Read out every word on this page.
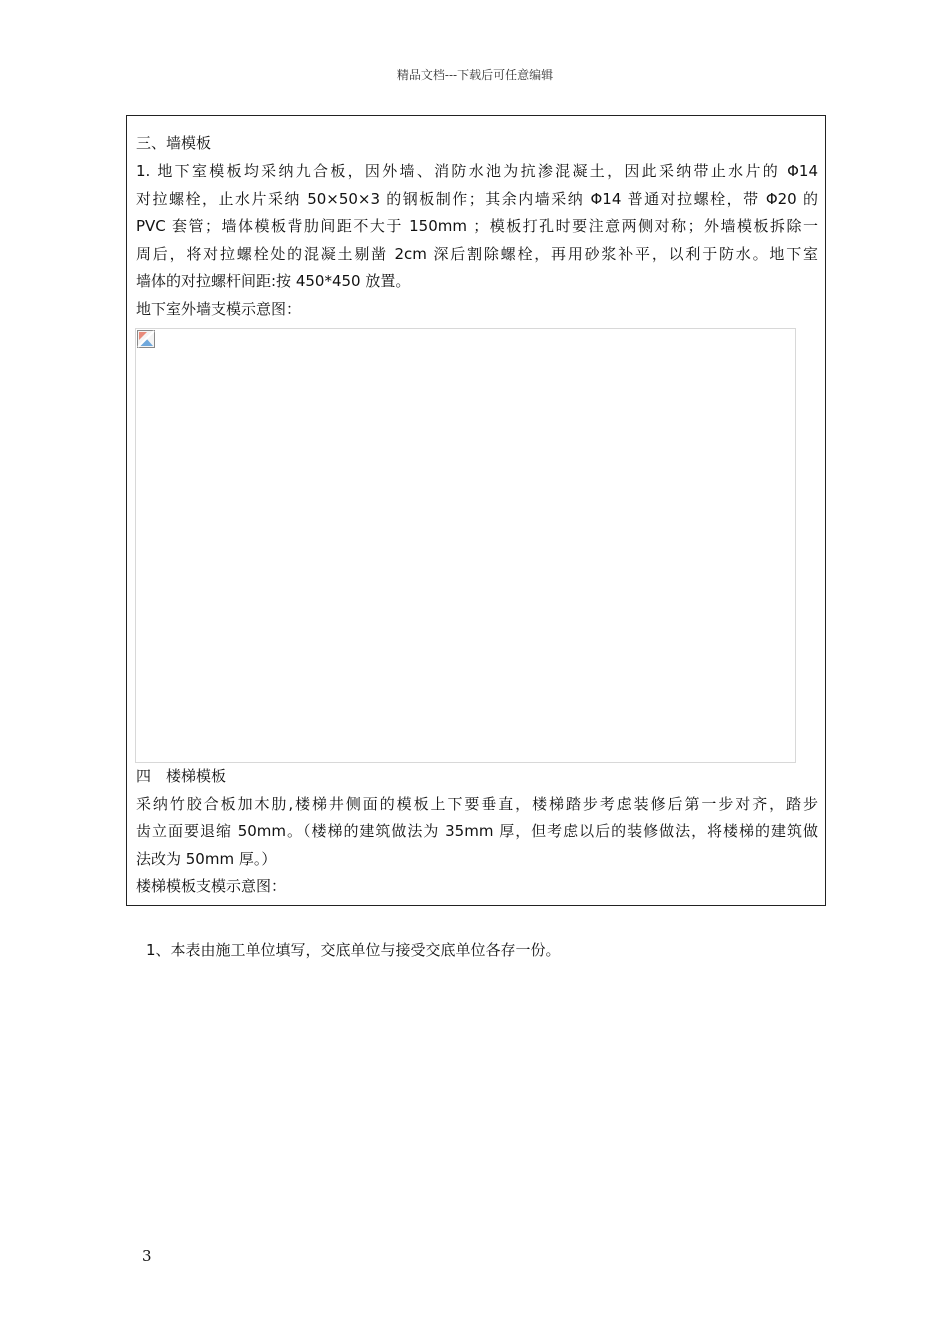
精品文档---下载后可任意编辑
三、墙模板
1. 地下室模板均采纳九合板，因外墙、消防水池为抗渗混凝土，因此采纳带止水片的 Φ14
对拉螺栓，止水片采纳 50×50×3 的钢板制作；其余内墙采纳 Φ14 普通对拉螺栓，带 Φ20 的
PVC 套管；墙体模板背肋间距不大于 150mm ；模板打孔时要注意两侧对称；外墙模板拆除一
周后，将对拉螺栓处的混凝土剔凿 2cm 深后割除螺栓，再用砂浆补平，以利于防水。地下室
墙体的对拉螺杆间距:按 450*450 放置。
地下室外墙支模示意图：
四　楼梯模板
采纳竹胶合板加木肋,楼梯井侧面的模板上下要垂直，楼梯踏步考虑装修后第一步对齐，踏步
齿立面要退缩 50mm。（楼梯的建筑做法为 35mm 厚，但考虑以后的装修做法，将楼梯的建筑做
法改为 50mm 厚。）
楼梯模板支模示意图：
1、本表由施工单位填写，交底单位与接受交底单位各存一份。
3
